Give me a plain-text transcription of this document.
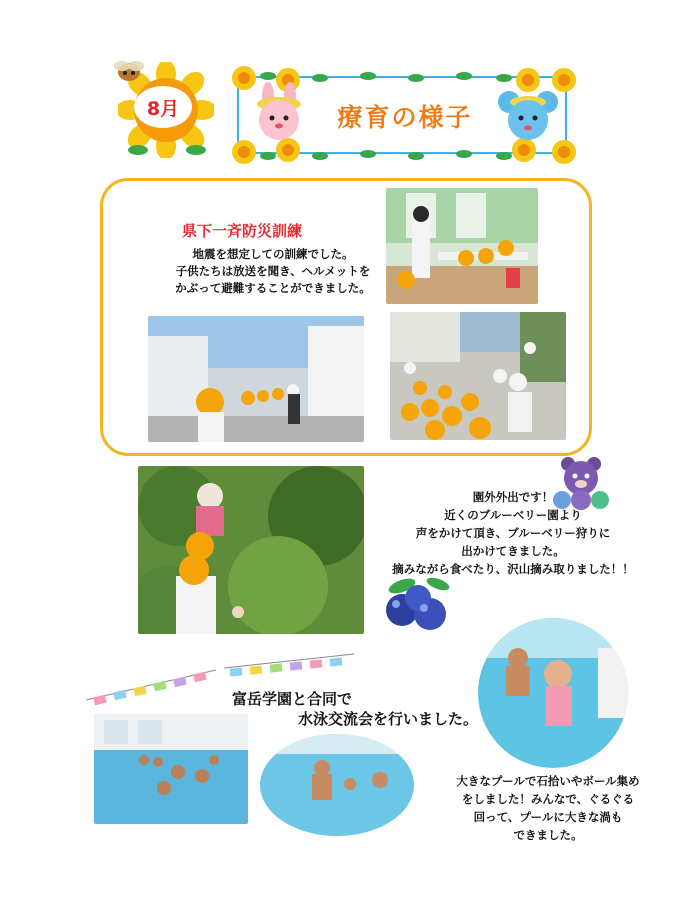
8月	療育の様子
県下一斉防災訓練
地震を想定しての訓練でした。
子供たちは放送を聞き、ヘルメットを
かぶって避難することができました。
園外外出です！
近くのブルーベリー園より
声をかけて頂き、ブルーベリー狩りに
出かけてきました。
摘みながら食べたり、沢山摘み取りました！！
富岳学園と合同で
水泳交流会を行いました。
大きなプールで石拾いやボール集め
をしました！みんなで、ぐるぐる
回って、プールに大きな渦も
できました。
